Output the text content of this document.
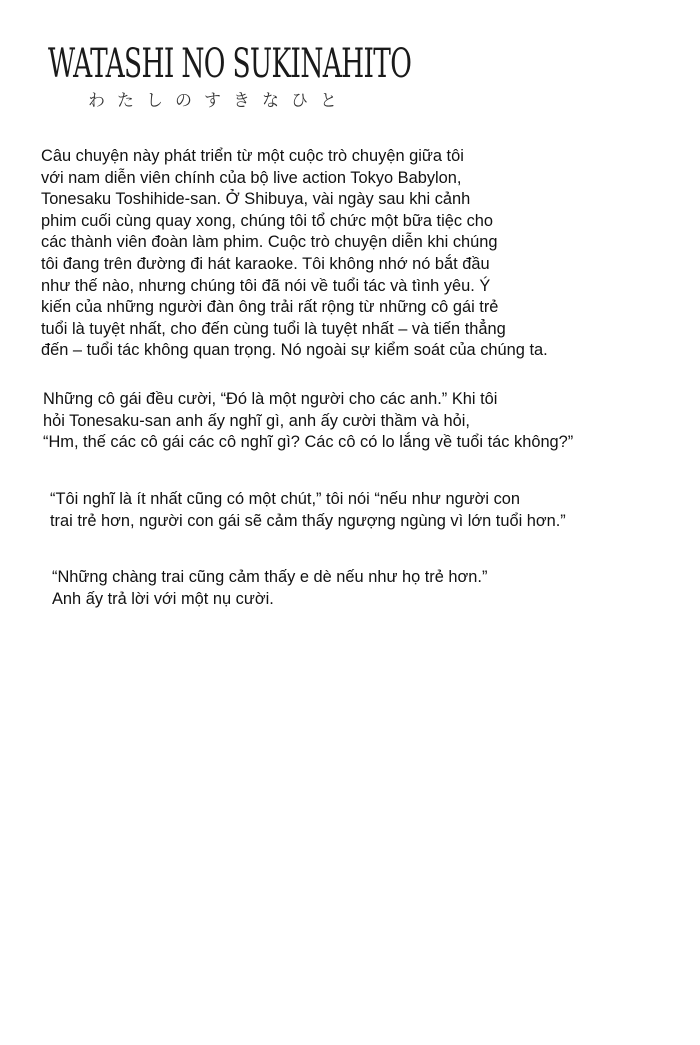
WATASHI NO SUKINAHITO
わたしのすきなひと
Câu chuyện này phát triển từ một cuộc trò chuyện giữa tôi
với nam diễn viên chính của bộ live action Tokyo Babylon,
Tonesaku Toshihide-san. Ở Shibuya, vài ngày sau khi cảnh
phim cuối cùng quay xong, chúng tôi tổ chức một bữa tiệc cho
các thành viên đoàn làm phim. Cuộc trò chuyện diễn khi chúng
tôi đang trên đường đi hát karaoke. Tôi không nhớ nó bắt đầu
như thế nào, nhưng chúng tôi đã nói về tuổi tác và tình yêu. Ý
kiến của những người đàn ông trải rất rộng từ những cô gái trẻ
tuổi là tuyệt nhất, cho đến cùng tuổi là tuyệt nhất – và tiến thẳng
đến – tuổi tác không quan trọng. Nó ngoài sự kiểm soát của chúng ta.
Những cô gái đều cười, “Đó là một người cho các anh.” Khi tôi
hỏi Tonesaku-san anh ấy nghĩ gì, anh ấy cười thầm và hỏi,
“Hm, thế các cô gái các cô nghĩ gì? Các cô có lo lắng về tuổi tác không?”
“Tôi nghĩ là ít nhất cũng có một chút,” tôi nói “nếu như người con
trai trẻ hơn, người con gái sẽ cảm thấy ngượng ngùng vì lớn tuổi hơn.”
“Những chàng trai cũng cảm thấy e dè nếu như họ trẻ hơn.”
Anh ấy trả lời với một nụ cười.
